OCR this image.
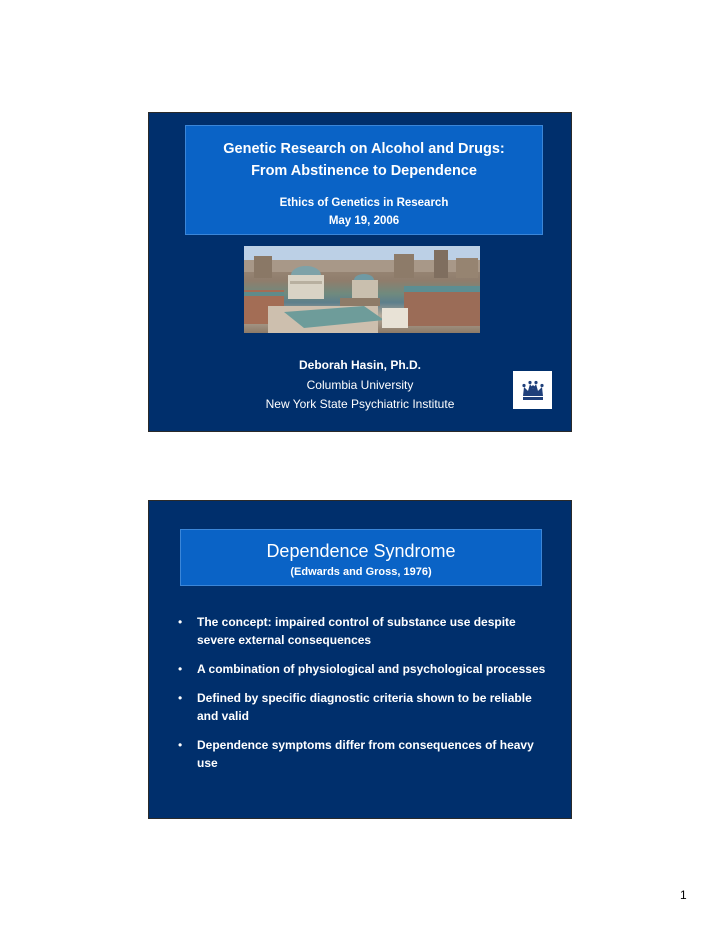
Genetic Research on Alcohol and Drugs:
From Abstinence to Dependence
Ethics of Genetics in Research
May 19, 2006
Deborah Hasin, Ph.D.
Columbia University
New York State Psychiatric Institute
Dependence Syndrome
(Edwards and Gross, 1976)
• The concept: impaired control of substance use despite severe external consequences
• A combination of physiological and psychological processes
• Defined by specific diagnostic criteria shown to be reliable and valid
• Dependence symptoms differ from consequences of heavy use
1
